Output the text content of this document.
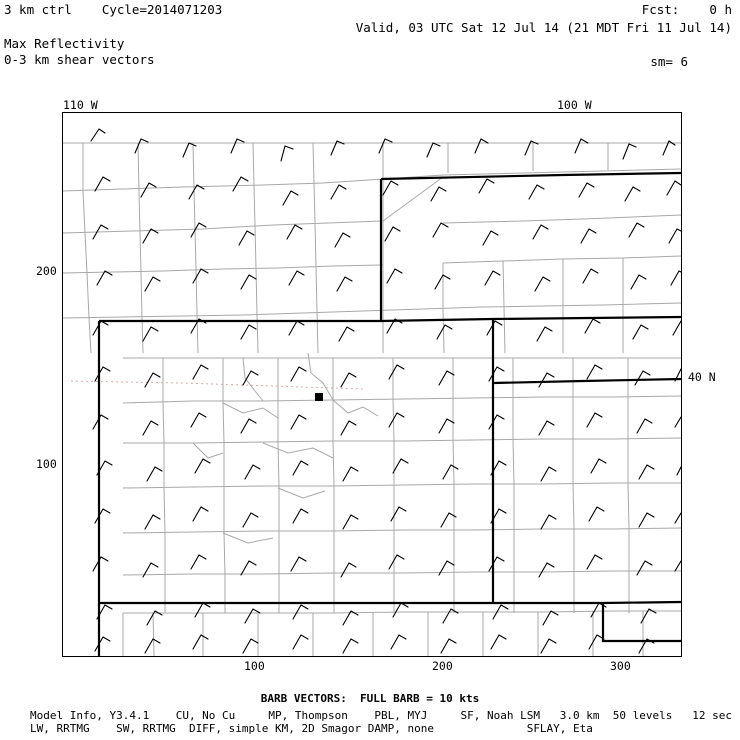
3 km ctrl    Cycle=2014071203	Fcst:    0 h
Valid, 03 UTC Sat 12 Jul 14 (21 MDT Fri 11 Jul 14)
Max Reflectivity
0-3 km shear vectors	sm= 6
110 W	100 W
40 N
200
100
100	200	300
BARB VECTORS:  FULL BARB = 10 kts
Model Info, Y3.4.1    CU, No Cu     MP, Thompson    PBL, MYJ     SF, Noah LSM   3.0 km  50 levels   12 sec
LW, RRTMG    SW, RRTMG  DIFF, simple KM, 2D Smagor DAMP, none              SFLAY, Eta
